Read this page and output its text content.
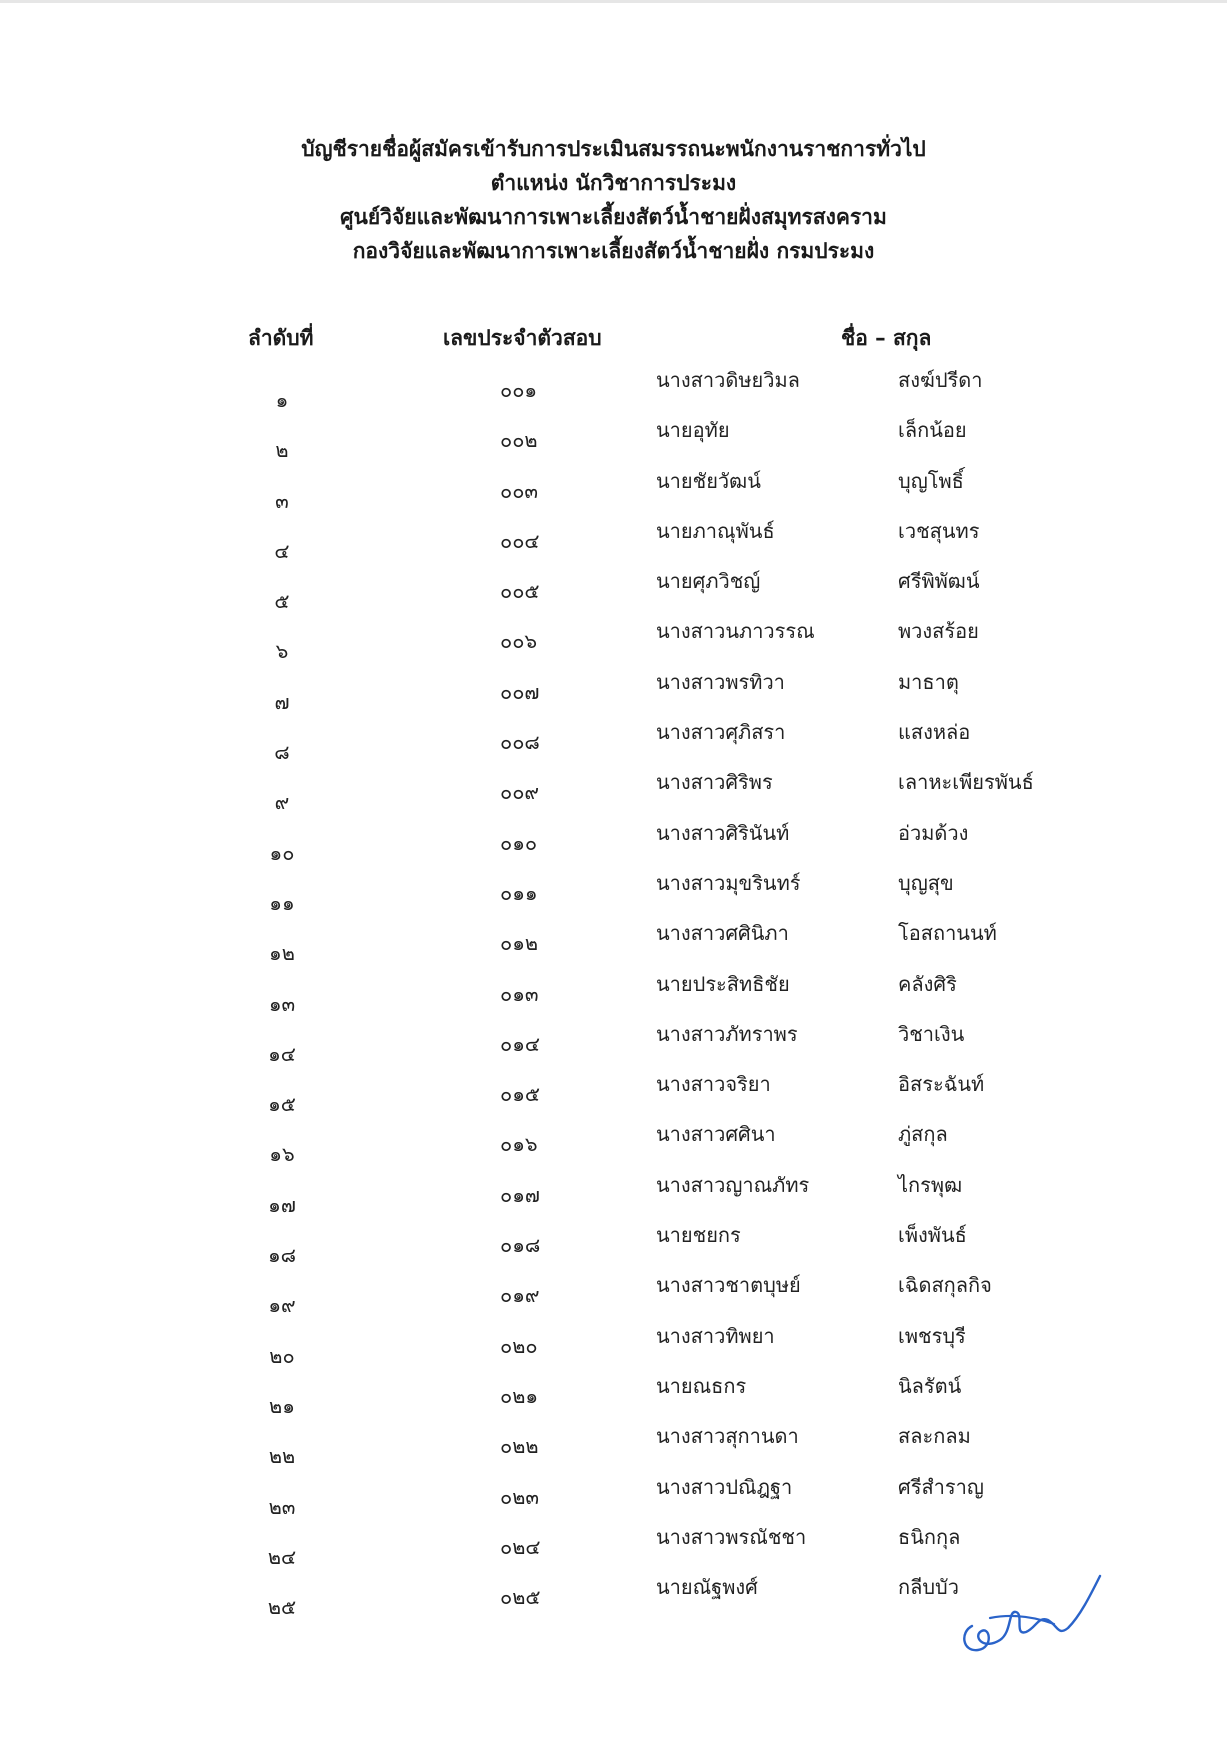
บัญชีรายชื่อผู้สมัครเข้ารับการประเมินสมรรถนะพนักงานราชการทั่วไป
ตำแหน่ง นักวิชาการประมง
ศูนย์วิจัยและพัฒนาการเพาะเลี้ยงสัตว์น้ำชายฝั่งสมุทรสงคราม
กองวิจัยและพัฒนาการเพาะเลี้ยงสัตว์น้ำชายฝั่ง กรมประมง
ลำดับที่	เลขประจำตัวสอบ	ชื่อ – สกุล
๑	๐๐๑	นางสาวดิษยวิมล	สงฆ์ปรีดา
๒	๐๐๒	นายอุทัย	เล็กน้อย
๓	๐๐๓	นายชัยวัฒน์	บุญโพธิ์
๔	๐๐๔	นายภาณุพันธ์	เวชสุนทร
๕	๐๐๕	นายศุภวิชญ์	ศรีพิพัฒน์
๖	๐๐๖	นางสาวนภาวรรณ	พวงสร้อย
๗	๐๐๗	นางสาวพรทิวา	มาธาตุ
๘	๐๐๘	นางสาวศุภิสรา	แสงหล่อ
๙	๐๐๙	นางสาวศิริพร	เลาหะเพียรพันธ์
๑๐	๐๑๐	นางสาวศิรินันท์	อ่วมด้วง
๑๑	๐๑๑	นางสาวมุขรินทร์	บุญสุข
๑๒	๐๑๒	นางสาวศศินิภา	โอสถานนท์
๑๓	๐๑๓	นายประสิทธิชัย	คลังศิริ
๑๔	๐๑๔	นางสาวภัทราพร	วิชาเงิน
๑๕	๐๑๕	นางสาวจริยา	อิสระฉันท์
๑๖	๐๑๖	นางสาวศศินา	ภู่สกุล
๑๗	๐๑๗	นางสาวญาณภัทร	ไกรพุฒ
๑๘	๐๑๘	นายชยกร	เพ็งพันธ์
๑๙	๐๑๙	นางสาวชาตบุษย์	เฉิดสกุลกิจ
๒๐	๐๒๐	นางสาวทิพยา	เพชรบุรี
๒๑	๐๒๑	นายณธกร	นิลรัตน์
๒๒	๐๒๒	นางสาวสุกานดา	สละกลม
๒๓	๐๒๓	นางสาวปณิฎฐา	ศรีสำราญ
๒๔	๐๒๔	นางสาวพรณัชชา	ธนิกกุล
๒๕	๐๒๕	นายณัฐพงศ์	กลีบบัว
